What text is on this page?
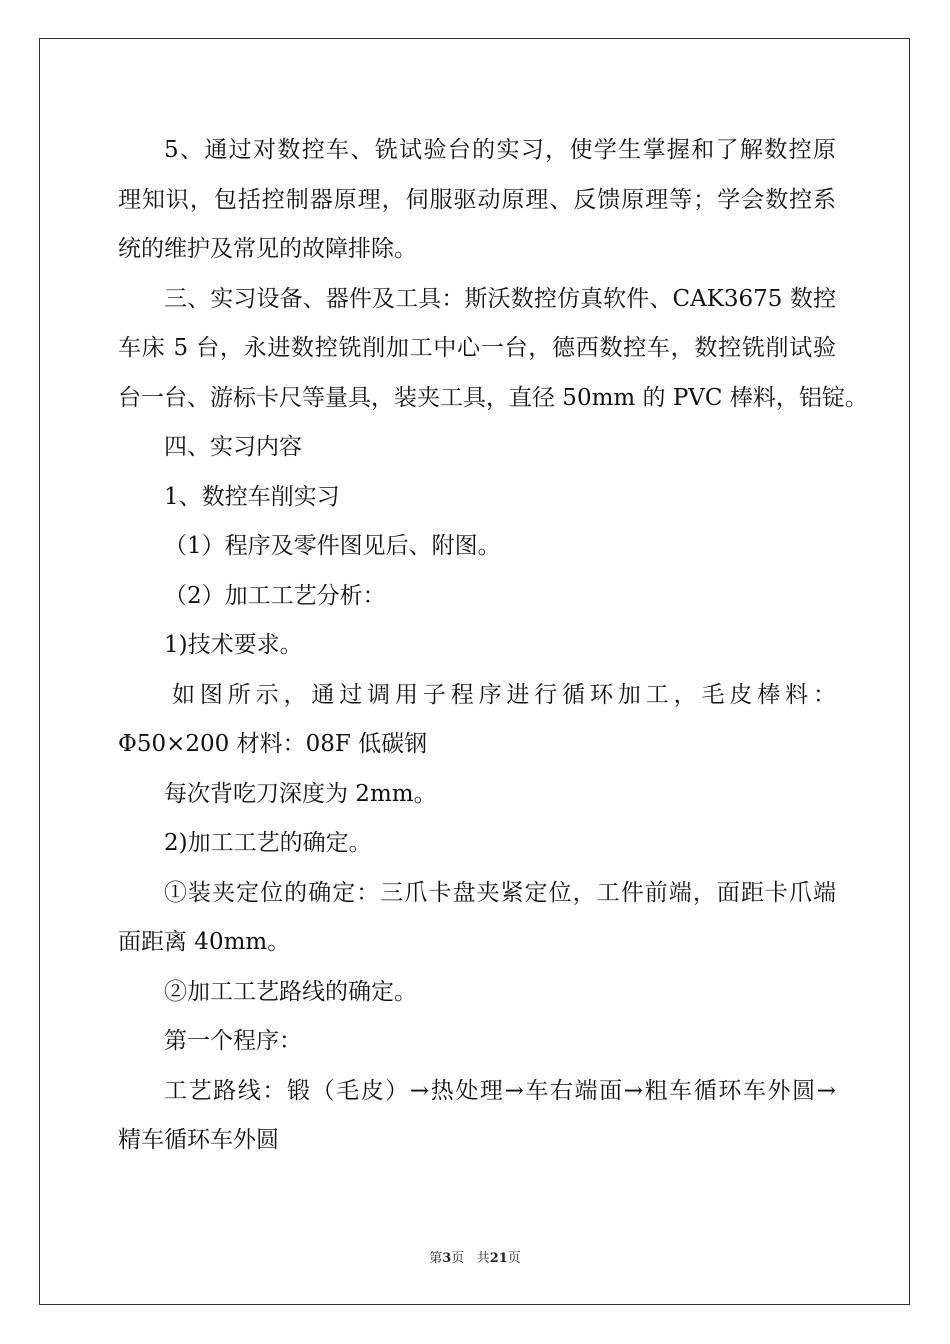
5、通过对数控车、铣试验台的实习，使学生掌握和了解数控原
理知识，包括控制器原理，伺服驱动原理、反馈原理等；学会数控系
统的维护及常见的故障排除。
三、实习设备、器件及工具：斯沃数控仿真软件、CAK3675 数控
车床 5 台，永进数控铣削加工中心一台，德西数控车，数控铣削试验
台一台、游标卡尺等量具，装夹工具，直径 50mm 的 PVC 棒料，铝锭。
四、实习内容
1、数控车削实习
（1）程序及零件图见后、附图。
（2）加工工艺分析：
1)技术要求。
如图所示，通过调用子程序进行循环加工，毛皮棒料：
Φ50×200 材料：08F 低碳钢
每次背吃刀深度为 2mm。
2)加工工艺的确定。
①装夹定位的确定：三爪卡盘夹紧定位，工件前端，面距卡爪端
面距离 40mm。
②加工工艺路线的确定。
第一个程序：
工艺路线：锻（毛皮）→热处理→车右端面→粗车循环车外圆→
精车循环车外圆
第3页 共21页
